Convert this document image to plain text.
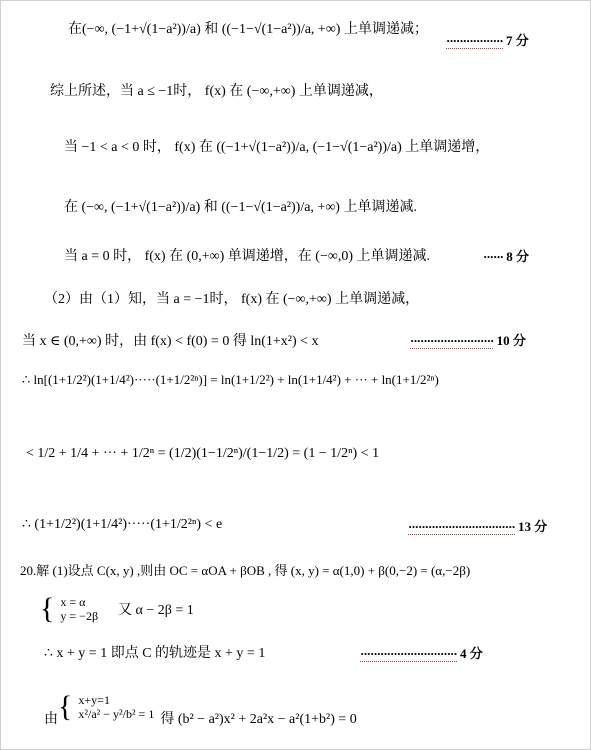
在(−∞, (−1+√(1−a²))/a) 和 ((−1−√(1−a²))/a, +∞) 上单调递减；
················· 7 分
综上所述，当 a ≤ −1时， f(x) 在 (−∞,+∞) 上单调递减，
当 −1 < a < 0 时， f(x) 在 ((−1+√(1−a²))/a, (−1−√(1−a²))/a) 上单调递增，
在 (−∞, (−1+√(1−a²))/a) 和 ((−1−√(1−a²))/a, +∞) 上单调递减.
当 a = 0 时， f(x) 在 (0,+∞) 单调递增，在 (−∞,0) 上单调递减.	······ 8 分
（2）由（1）知，当 a = −1时， f(x) 在 (−∞,+∞) 上单调递减，
当 x ∈ (0,+∞) 时，由 f(x) < f(0) = 0 得 ln(1+x²) < x	························· 10 分
∴ ln[(1+1/2²)(1+1/4²)·····(1+1/2²ⁿ)] = ln(1+1/2²) + ln(1+1/4²) + ··· + ln(1+1/2²ⁿ)
< 1/2 + 1/4 + ··· + 1/2ⁿ = (1/2)(1−1/2ⁿ)/(1−1/2) = (1 − 1/2ⁿ) < 1
∴ (1+1/2²)(1+1/4²)·····(1+1/2²ⁿ) < e	································ 13 分
20.解 (1)设点 C(x, y) ,则由 OC = αOA + βOB , 得 (x, y) = α(1,0) + β(0,−2) = (α,−2β)
{ x = α
y = −2β 又 α − 2β = 1
∴ x + y = 1 即点 C 的轨迹是 x + y = 1	····························· 4 分
由 { x+y=1
x²/a² − y²/b² = 1 得 (b² − a²)x² + 2a²x − a²(1+b²) = 0
